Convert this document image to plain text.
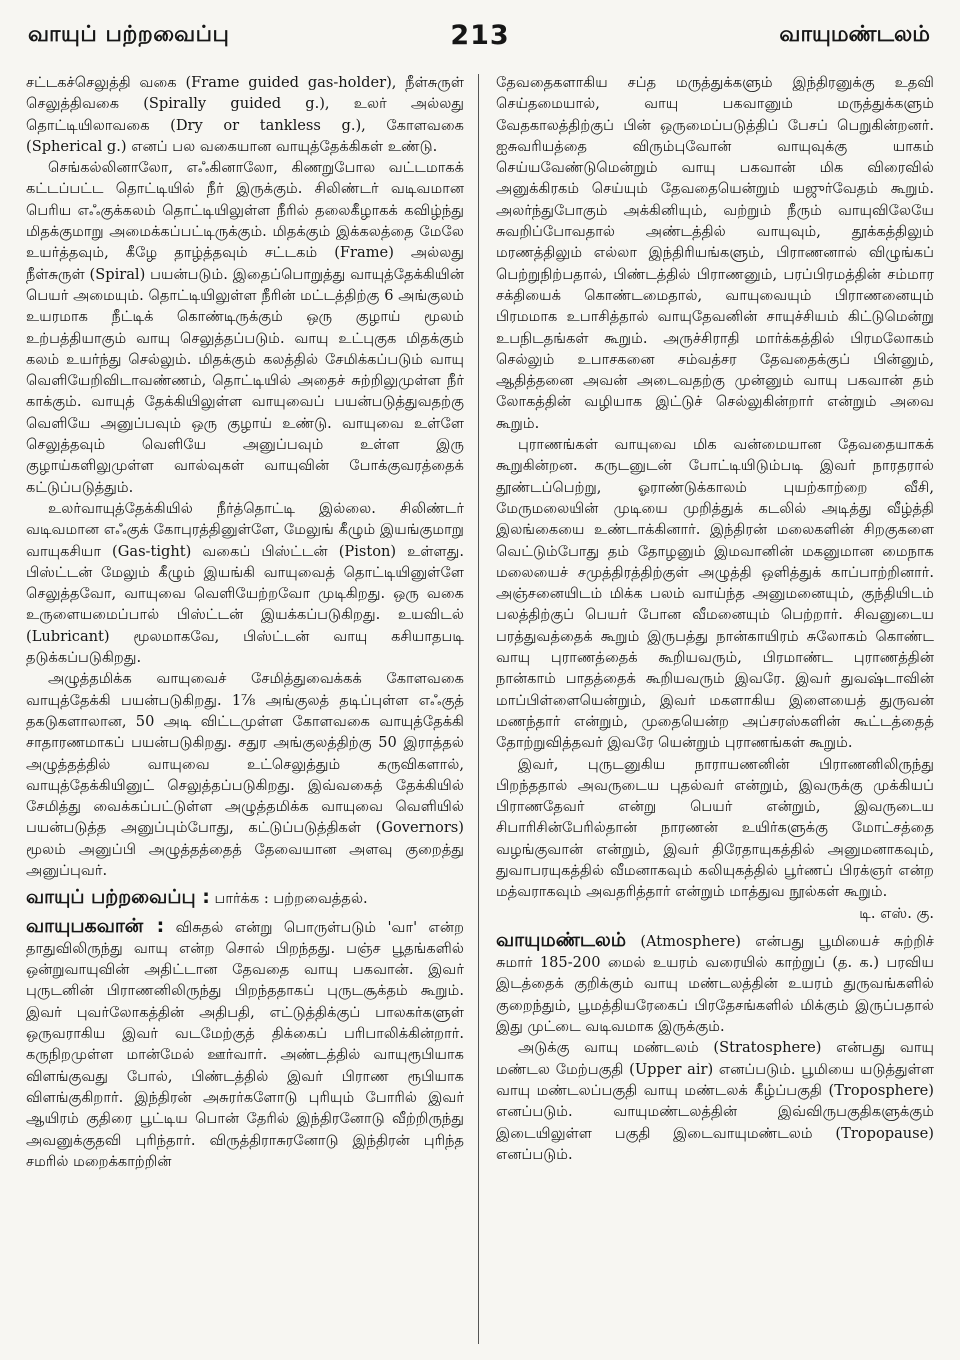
வாயுப் பற்றவைப்பு	213	வாயுமண்டலம்

சட்டகச்செலுத்தி வகை (Frame guided gas-holder), நீள்சுருள் செலுத்திவகை (Spirally guided g.), உலர் அல்லது தொட்டியிலாவகை (Dry or tankless g.), கோளவகை (Spherical g.) எனப் பல வகையான வாயுத்தேக்கிகள் உண்டு.

செங்கல்லினாலோ, எஃகினாலோ, கிணறுபோல வட்டமாகக் கட்டப்பட்ட தொட்டியில் நீர் இருக்கும். சிலிண்டர் வடிவமான பெரிய எஃகுக்கலம் தொட்டியிலுள்ள நீரில் தலைகீழாகக் கவிழ்ந்து மிதக்குமாறு அமைக்கப்பட்டிருக்கும். மிதக்கும் இக்கலத்தை மேலே உயர்த்தவும், கீழே தாழ்த்தவும் சட்டகம் (Frame) அல்லது நீள்சுருள் (Spiral) பயன்படும். இதைப்பொறுத்து வாயுத்தேக்கியின் பெயர் அமையும். தொட்டியிலுள்ள நீரின் மட்டத்திற்கு 6 அங்குலம் உயரமாக நீட்டிக் கொண்டிருக்கும் ஒரு குழாய் மூலம் உற்பத்தியாகும் வாயு செலுத்தப்படும். வாயு உட்புகுக மிதக்கும் கலம் உயர்ந்து செல்லும். மிதக்கும் கலத்தில் சேமிக்கப்படும் வாயு வெளியேறிவிடாவண்ணம், தொட்டியில் அதைச் சுற்றிலுமுள்ள நீர் காக்கும். வாயுத் தேக்கியிலுள்ள வாயுவைப் பயன்படுத்துவதற்கு வெளியே அனுப்பவும் ஒரு குழாய் உண்டு. வாயுவை உள்ளே செலுத்தவும் வெளியே அனுப்பவும் உள்ள இரு குழாய்களிலுமுள்ள வால்வுகள் வாயுவின் போக்குவரத்தைக் கட்டுப்படுத்தும்.

உலர்வாயுத்தேக்கியில் நீர்த்தொட்டி இல்லை. சிலிண்டர் வடிவமான எஃகுக் கோபுரத்தினுள்ளே, மேலுங் கீழும் இயங்குமாறு வாயுகசியா (Gas-tight) வகைப் பிஸ்ட்டன் (Piston) உள்ளது. பிஸ்ட்டன் மேலும் கீழும் இயங்கி வாயுவைத் தொட்டியினுள்ளே செலுத்தவோ, வாயுவை வெளியேற்றவோ முடிகிறது. ஒரு வகை உருளையமைப்பால் பிஸ்ட்டன் இயக்கப்படுகிறது. உயவிடல் (Lubricant) மூலமாகவே, பிஸ்ட்டன் வாயு கசியாதபடி தடுக்கப்படுகிறது.

அழுத்தமிக்க வாயுவைச் சேமித்துவைக்கக் கோளவகை வாயுத்தேக்கி பயன்படுகிறது. 1⅞ அங்குலத் தடிப்புள்ள எஃகுத் தகடுகளாலான, 50 அடி விட்டமுள்ள கோளவகை வாயுத்தேக்கி சாதாரணமாகப் பயன்படுகிறது. சதுர அங்குலத்திற்கு 50 இராத்தல் அழுத்தத்தில் வாயுவை உட்செலுத்தும் கருவிகளால், வாயுத்தேக்கியினுட் செலுத்தப்படுகிறது. இவ்வகைத் தேக்கியில் சேமித்து வைக்கப்பட்டுள்ள அழுத்தமிக்க வாயுவை வெளியில் பயன்படுத்த அனுப்பும்போது, கட்டுப்படுத்திகள் (Governors) மூலம் அனுப்பி அழுத்தத்தைத் தேவையான அளவு குறைத்து அனுப்புவர்.

வாயுப் பற்றவைப்பு : பார்க்க : பற்றவைத்தல்.

வாயுபகவான் : விசுதல் என்று பொருள்படும் 'வா' என்ற தாதுவிலிருந்து வாயு என்ற சொல் பிறந்தது. பஞ்ச பூதங்களில் ஒன்றுவாயுவின் அதிட்டான தேவதை வாயு பகவான். இவர் புருடனின் பிராணனிலிருந்து பிறந்ததாகப் புருடசூக்தம் கூறும். இவர் புவர்லோகத்தின் அதிபதி, எட்டுத்திக்குப் பாலகர்களுள் ஒருவராகிய இவர் வடமேற்குத் திக்கைப் பரிபாலிக்கின்றார். கருநிறமுள்ள மான்மேல் ஊர்வார். அண்டத்தில் வாயுரூபியாக விளங்குவது போல், பிண்டத்தில் இவர் பிராண ரூபியாக விளங்குகிறார். இந்திரன் அசுரர்களோடு புரியும் போரில் இவர் ஆயிரம் குதிரை பூட்டிய பொன் தேரில் இந்திரனோடு வீற்றிருந்து அவனுக்குதவி புரிந்தார். விருத்திராசுரனோடு இந்திரன் புரிந்த சமரில் மறைக்காற்றின்

தேவதைகளாகிய சப்த மருத்துக்களும் இந்திரனுக்கு உதவி செய்தமையால், வாயு பகவானும் மருத்துக்களும் வேதகாலத்திற்குப் பின் ஒருமைப்படுத்திப் பேசப் பெறுகின்றனர். ஐசுவரியத்தை விரும்புவோன் வாயுவுக்கு யாகம் செய்யவேண்டுமென்றும் வாயு பகவான் மிக விரைவில் அனுக்கிரகம் செய்யும் தேவதையென்றும் யஜுர்வேதம் கூறும். அலர்ந்துபோகும் அக்கினியும், வற்றும் நீரும் வாயுவிலேயே சுவறிப்போவதால் அண்டத்தில் வாயுவும், தூக்கத்திலும் மரணத்திலும் எல்லா இந்திரியங்களும், பிராணனால் விழுங்கப் பெற்றுநிற்பதால், பிண்டத்தில் பிராணனும், பரப்பிரமத்தின் சம்மார சக்தியைக் கொண்டமைதால், வாயுவையும் பிராணனையும் பிரமமாக உபாசித்தால் வாயுதேவனின் சாயுச்சியம் கிட்டுமென்று உபநிடதங்கள் கூறும். அருச்சிராதி மார்க்கத்தில் பிரமலோகம் செல்லும் உபாசகனை சம்வத்சர தேவதைக்குப் பின்னும், ஆதித்தனை அவன் அடைவதற்கு முன்னும் வாயு பகவான் தம் லோகத்தின் வழியாக இட்டுச் செல்லுகின்றார் என்றும் அவை கூறும்.

புராணங்கள் வாயுவை மிக வன்மையான தேவதையாகக் கூறுகின்றன. கருடனுடன் போட்டியிடும்படி இவர் நாரதரால் தூண்டப்பெற்று, ஓராண்டுக்காலம் புயற்காற்றை வீசி, மேருமலையின் முடியை முறித்துக் கடலில் அடித்து வீழ்த்தி இலங்கையை உண்டாக்கினார். இந்திரன் மலைகளின் சிறகுகளை வெட்டும்போது தம் தோழனும் இமவானின் மகனுமான மைநாக மலையைச் சமுத்திரத்திற்குள் அழுத்தி ஒளித்துக் காப்பாற்றினார். அஞ்சனையிடம் மிக்க பலம் வாய்ந்த அனுமனையும், குந்தியிடம் பலத்திற்குப் பெயர் போன வீமனையும் பெற்றார். சிவனுடைய பரத்துவத்தைக் கூறும் இருபத்து நான்காயிரம் சுலோகம் கொண்ட வாயு புராணத்தைக் கூறியவரும், பிரமாண்ட புராணத்தின் நான்காம் பாதத்தைக் கூறியவரும் இவரே. இவர் துவஷ்டாவின் மாப்பிள்ளையென்றும், இவர் மகளாகிய இளையைத் துருவன் மணந்தார் என்றும், முதையென்ற அப்சரஸ்களின் கூட்டத்தைத் தோற்றுவித்தவர் இவரே யென்றும் புராணங்கள் கூறும்.

இவர், புருடனுகிய நாராயணனின் பிராணனிலிருந்து பிறந்ததால் அவருடைய புதல்வர் என்றும், இவருக்கு முக்கியப் பிராணதேவர் என்று பெயர் என்றும், இவருடைய சிபாரிசின்பேரில்தான் நாரணன் உயிர்களுக்கு மோட்சத்தை வழங்குவான் என்றும், இவர் திரேதாயுகத்தில் அனுமனாகவும், துவாபரயுகத்தில் வீமனாகவும் கலியுகத்தில் பூர்ணப் பிரக்ஞர் என்ற மத்வராகவும் அவதரித்தார் என்றும் மாத்துவ நூல்கள் கூறும்.

டி. எஸ். கு.

வாயுமண்டலம் (Atmosphere) என்பது பூமியைச் சுற்றிச் சுமார் 185-200 மைல் உயரம் வரையில் காற்றுப் (த. க.) பரவிய இடத்தைக் குறிக்கும் வாயு மண்டலத்தின் உயரம் துருவங்களில் குறைந்தும், பூமத்தியரேகைப் பிரதேசங்களில் மிக்கும் இருப்பதால் இது முட்டை வடிவமாக இருக்கும்.

அடுக்கு வாயு மண்டலம் (Stratosphere) என்பது வாயு மண்டல மேற்பகுதி (Upper air) எனப்படும். பூமியை யடுத்துள்ள வாயு மண்டலப்பகுதி வாயு மண்டலக் கீழ்ப்பகுதி (Troposphere) எனப்படும். வாயுமண்டலத்தின் இவ்விருபகுதிகளுக்கும் இடையிலுள்ள பகுதி இடைவாயுமண்டலம் (Tropopause) எனப்படும்.
